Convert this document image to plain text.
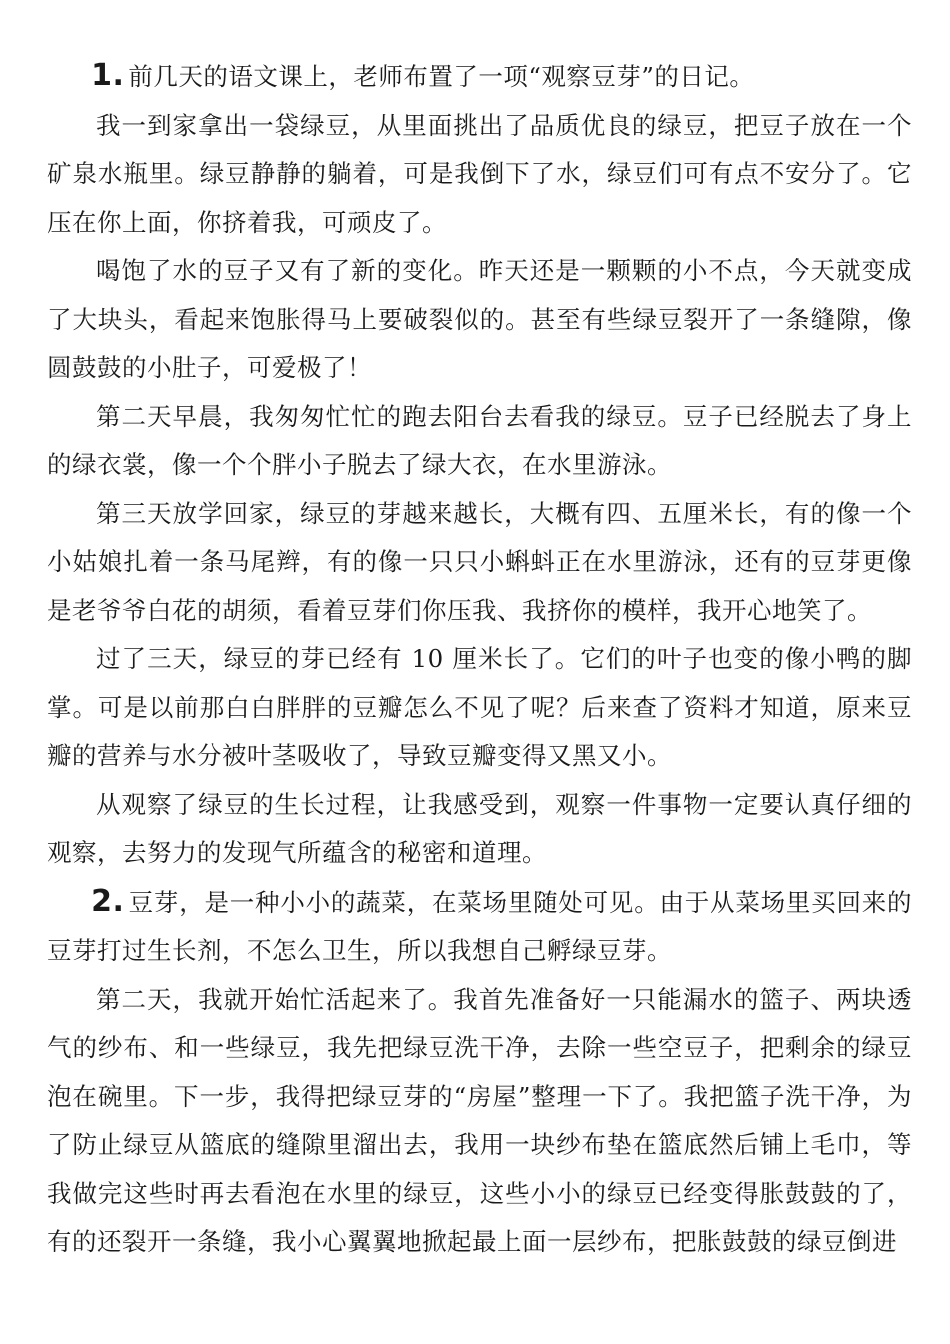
1. 前几天的语文课上，老师布置了一项“观察豆芽”的日记。

我一到家拿出一袋绿豆，从里面挑出了品质优良的绿豆，把豆子放在一个矿泉水瓶里。绿豆静静的躺着，可是我倒下了水，绿豆们可有点不安分了。它压在你上面，你挤着我，可顽皮了。

喝饱了水的豆子又有了新的变化。昨天还是一颗颗的小不点，今天就变成了大块头，看起来饱胀得马上要破裂似的。甚至有些绿豆裂开了一条缝隙，像圆鼓鼓的小肚子，可爱极了！

第二天早晨，我匆匆忙忙的跑去阳台去看我的绿豆。豆子已经脱去了身上的绿衣裳，像一个个胖小子脱去了绿大衣，在水里游泳。

第三天放学回家，绿豆的芽越来越长，大概有四、五厘米长，有的像一个小姑娘扎着一条马尾辫，有的像一只只小蝌蚪正在水里游泳，还有的豆芽更像是老爷爷白花的胡须，看着豆芽们你压我、我挤你的模样，我开心地笑了。

过了三天，绿豆的芽已经有 10 厘米长了。它们的叶子也变的像小鸭的脚掌。可是以前那白白胖胖的豆瓣怎么不见了呢？后来查了资料才知道，原来豆瓣的营养与水分被叶茎吸收了，导致豆瓣变得又黑又小。

从观察了绿豆的生长过程，让我感受到，观察一件事物一定要认真仔细的观察，去努力的发现气所蕴含的秘密和道理。

2. 豆芽，是一种小小的蔬菜，在菜场里随处可见。由于从菜场里买回来的豆芽打过生长剂，不怎么卫生，所以我想自己孵绿豆芽。

第二天，我就开始忙活起来了。我首先准备好一只能漏水的篮子、两块透气的纱布、和一些绿豆，我先把绿豆洗干净，去除一些空豆子，把剩余的绿豆泡在碗里。下一步，我得把绿豆芽的“房屋”整理一下了。我把篮子洗干净，为了防止绿豆从篮底的缝隙里溜出去，我用一块纱布垫在篮底然后铺上毛巾，等我做完这些时再去看泡在水里的绿豆，这些小小的绿豆已经变得胀鼓鼓的了，有的还裂开一条缝，我小心翼翼地掀起最上面一层纱布，把胀鼓鼓的绿豆倒进
